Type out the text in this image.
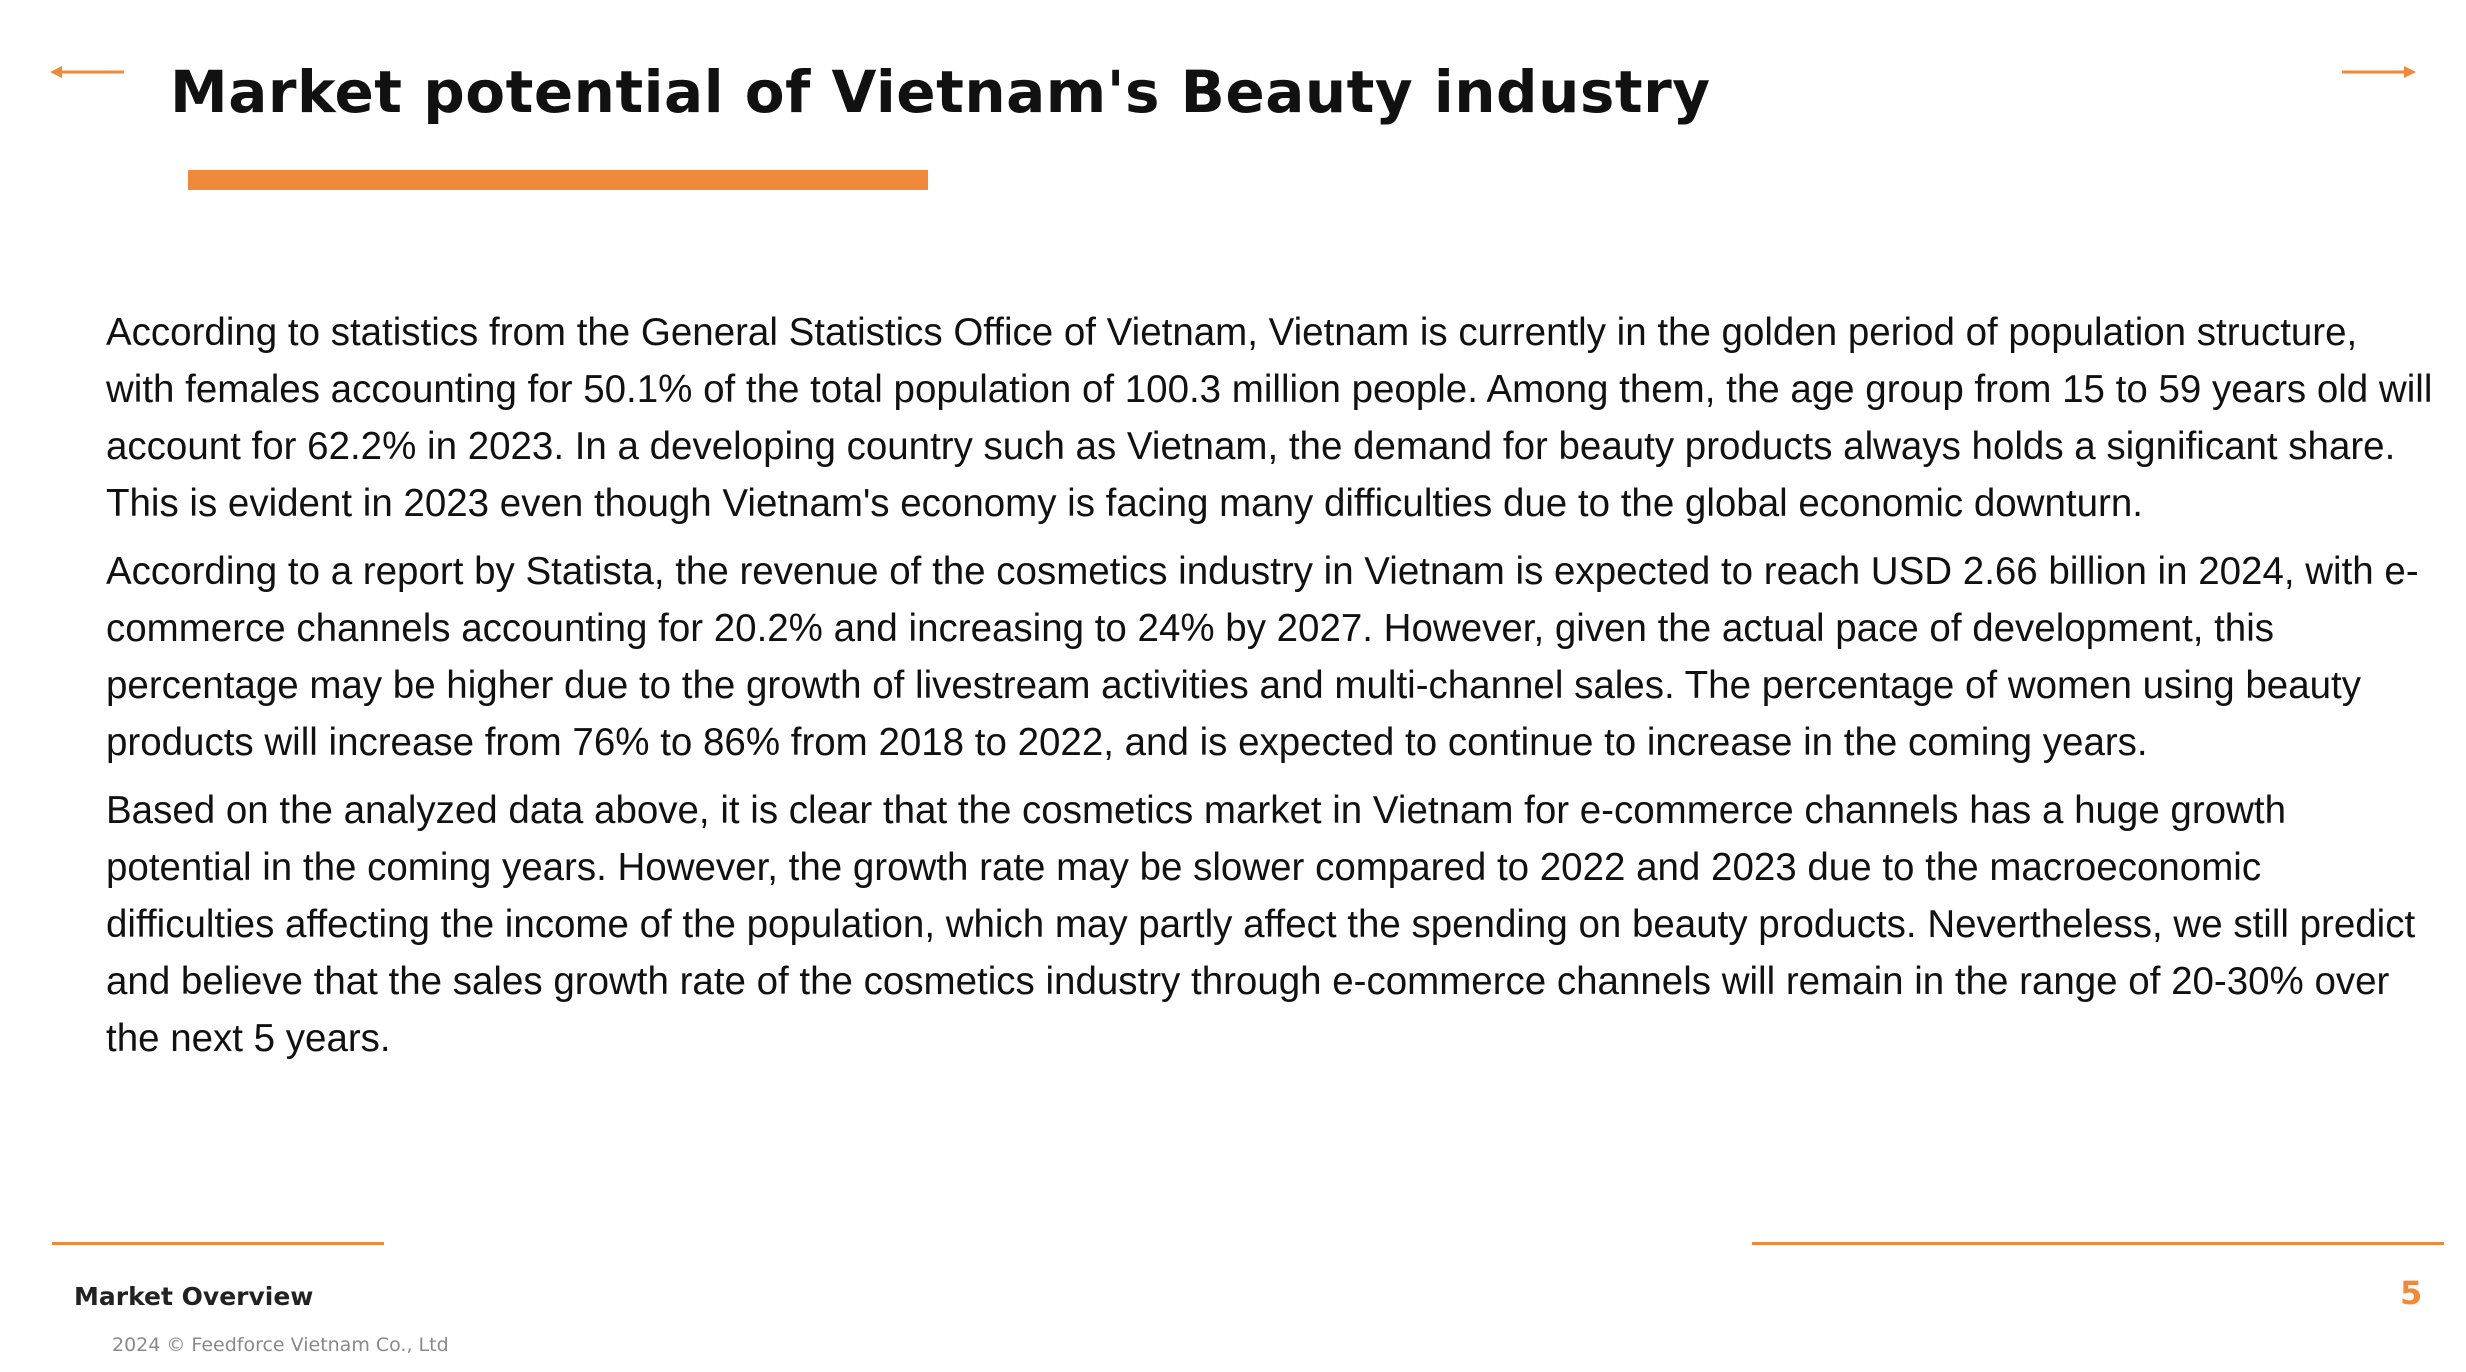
Market potential of Vietnam's Beauty industry

According to statistics from the General Statistics Office of Vietnam, Vietnam is currently in the golden period of population structure, with females accounting for 50.1% of the total population of 100.3 million people. Among them, the age group from 15 to 59 years old will account for 62.2% in 2023. In a developing country such as Vietnam, the demand for beauty products always holds a significant share. This is evident in 2023 even though Vietnam's economy is facing many difficulties due to the global economic downturn.

According to a report by Statista, the revenue of the cosmetics industry in Vietnam is expected to reach USD 2.66 billion in 2024, with e-commerce channels accounting for 20.2% and increasing to 24% by 2027. However, given the actual pace of development, this percentage may be higher due to the growth of livestream activities and multi-channel sales. The percentage of women using beauty products will increase from 76% to 86% from 2018 to 2022, and is expected to continue to increase in the coming years.

Based on the analyzed data above, it is clear that the cosmetics market in Vietnam for e-commerce channels has a huge growth potential in the coming years. However, the growth rate may be slower compared to 2022 and 2023 due to the macroeconomic difficulties affecting the income of the population, which may partly affect the spending on beauty products. Nevertheless, we still predict and believe that the sales growth rate of the cosmetics industry through e-commerce channels will remain in the range of 20-30% over the next 5 years.

Market Overview
2024 © Feedforce Vietnam Co., Ltd
5
